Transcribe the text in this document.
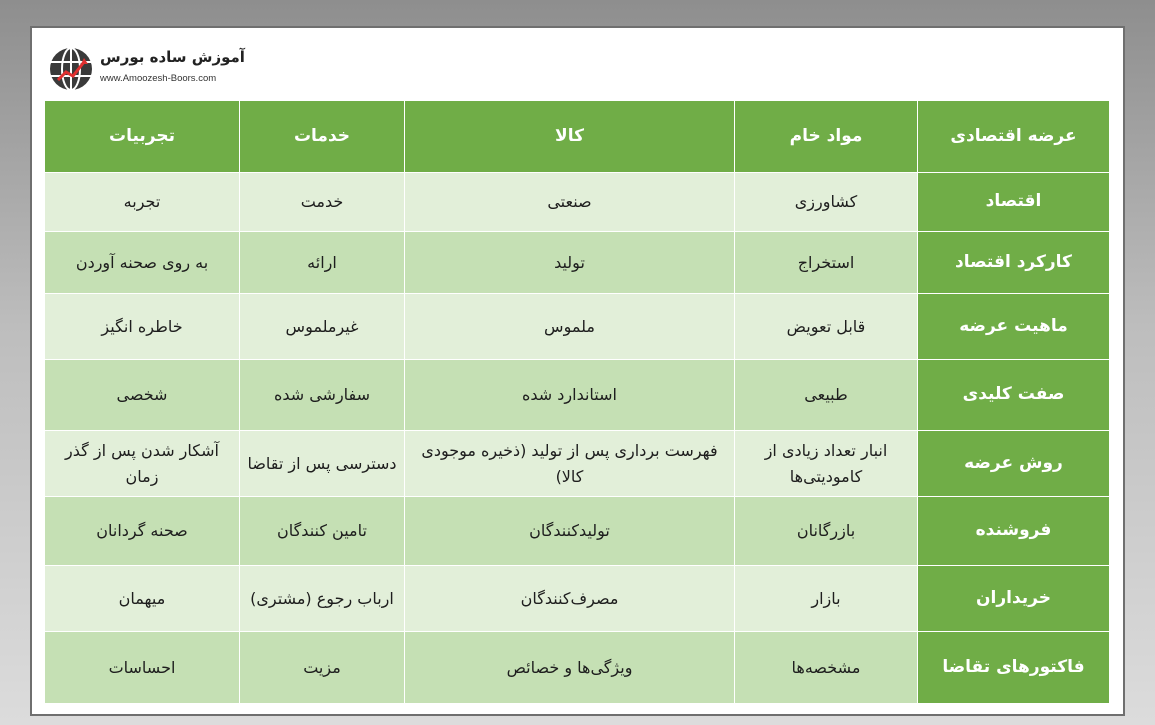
آموزش ساده بورس
www.Amoozesh-Boors.com
عرضه اقتصادی	مواد خام	کالا	خدمات	تجربیات
اقتصاد	کشاورزی	صنعتی	خدمت	تجربه
کارکرد اقتصاد	استخراج	تولید	ارائه	به روی صحنه آوردن
ماهیت عرضه	قابل تعویض	ملموس	غیرملموس	خاطره انگیز
صفت کلیدی	طبیعی	استاندارد شده	سفارشی شده	شخصی
روش عرضه	انبار تعداد زیادی از کامودیتی‌ها	فهرست برداری پس از تولید (ذخیره موجودی کالا)	دسترسی پس از تقاضا	آشکار شدن پس از گذر زمان
فروشنده	بازرگانان	تولیدکنندگان	تامین کنندگان	صحنه گردانان
خریداران	بازار	مصرف‌کنندگان	ارباب رجوع (مشتری)	میهمان
فاکتورهای تقاضا	مشخصه‌ها	ویژگی‌ها و خصائص	مزیت	احساسات
